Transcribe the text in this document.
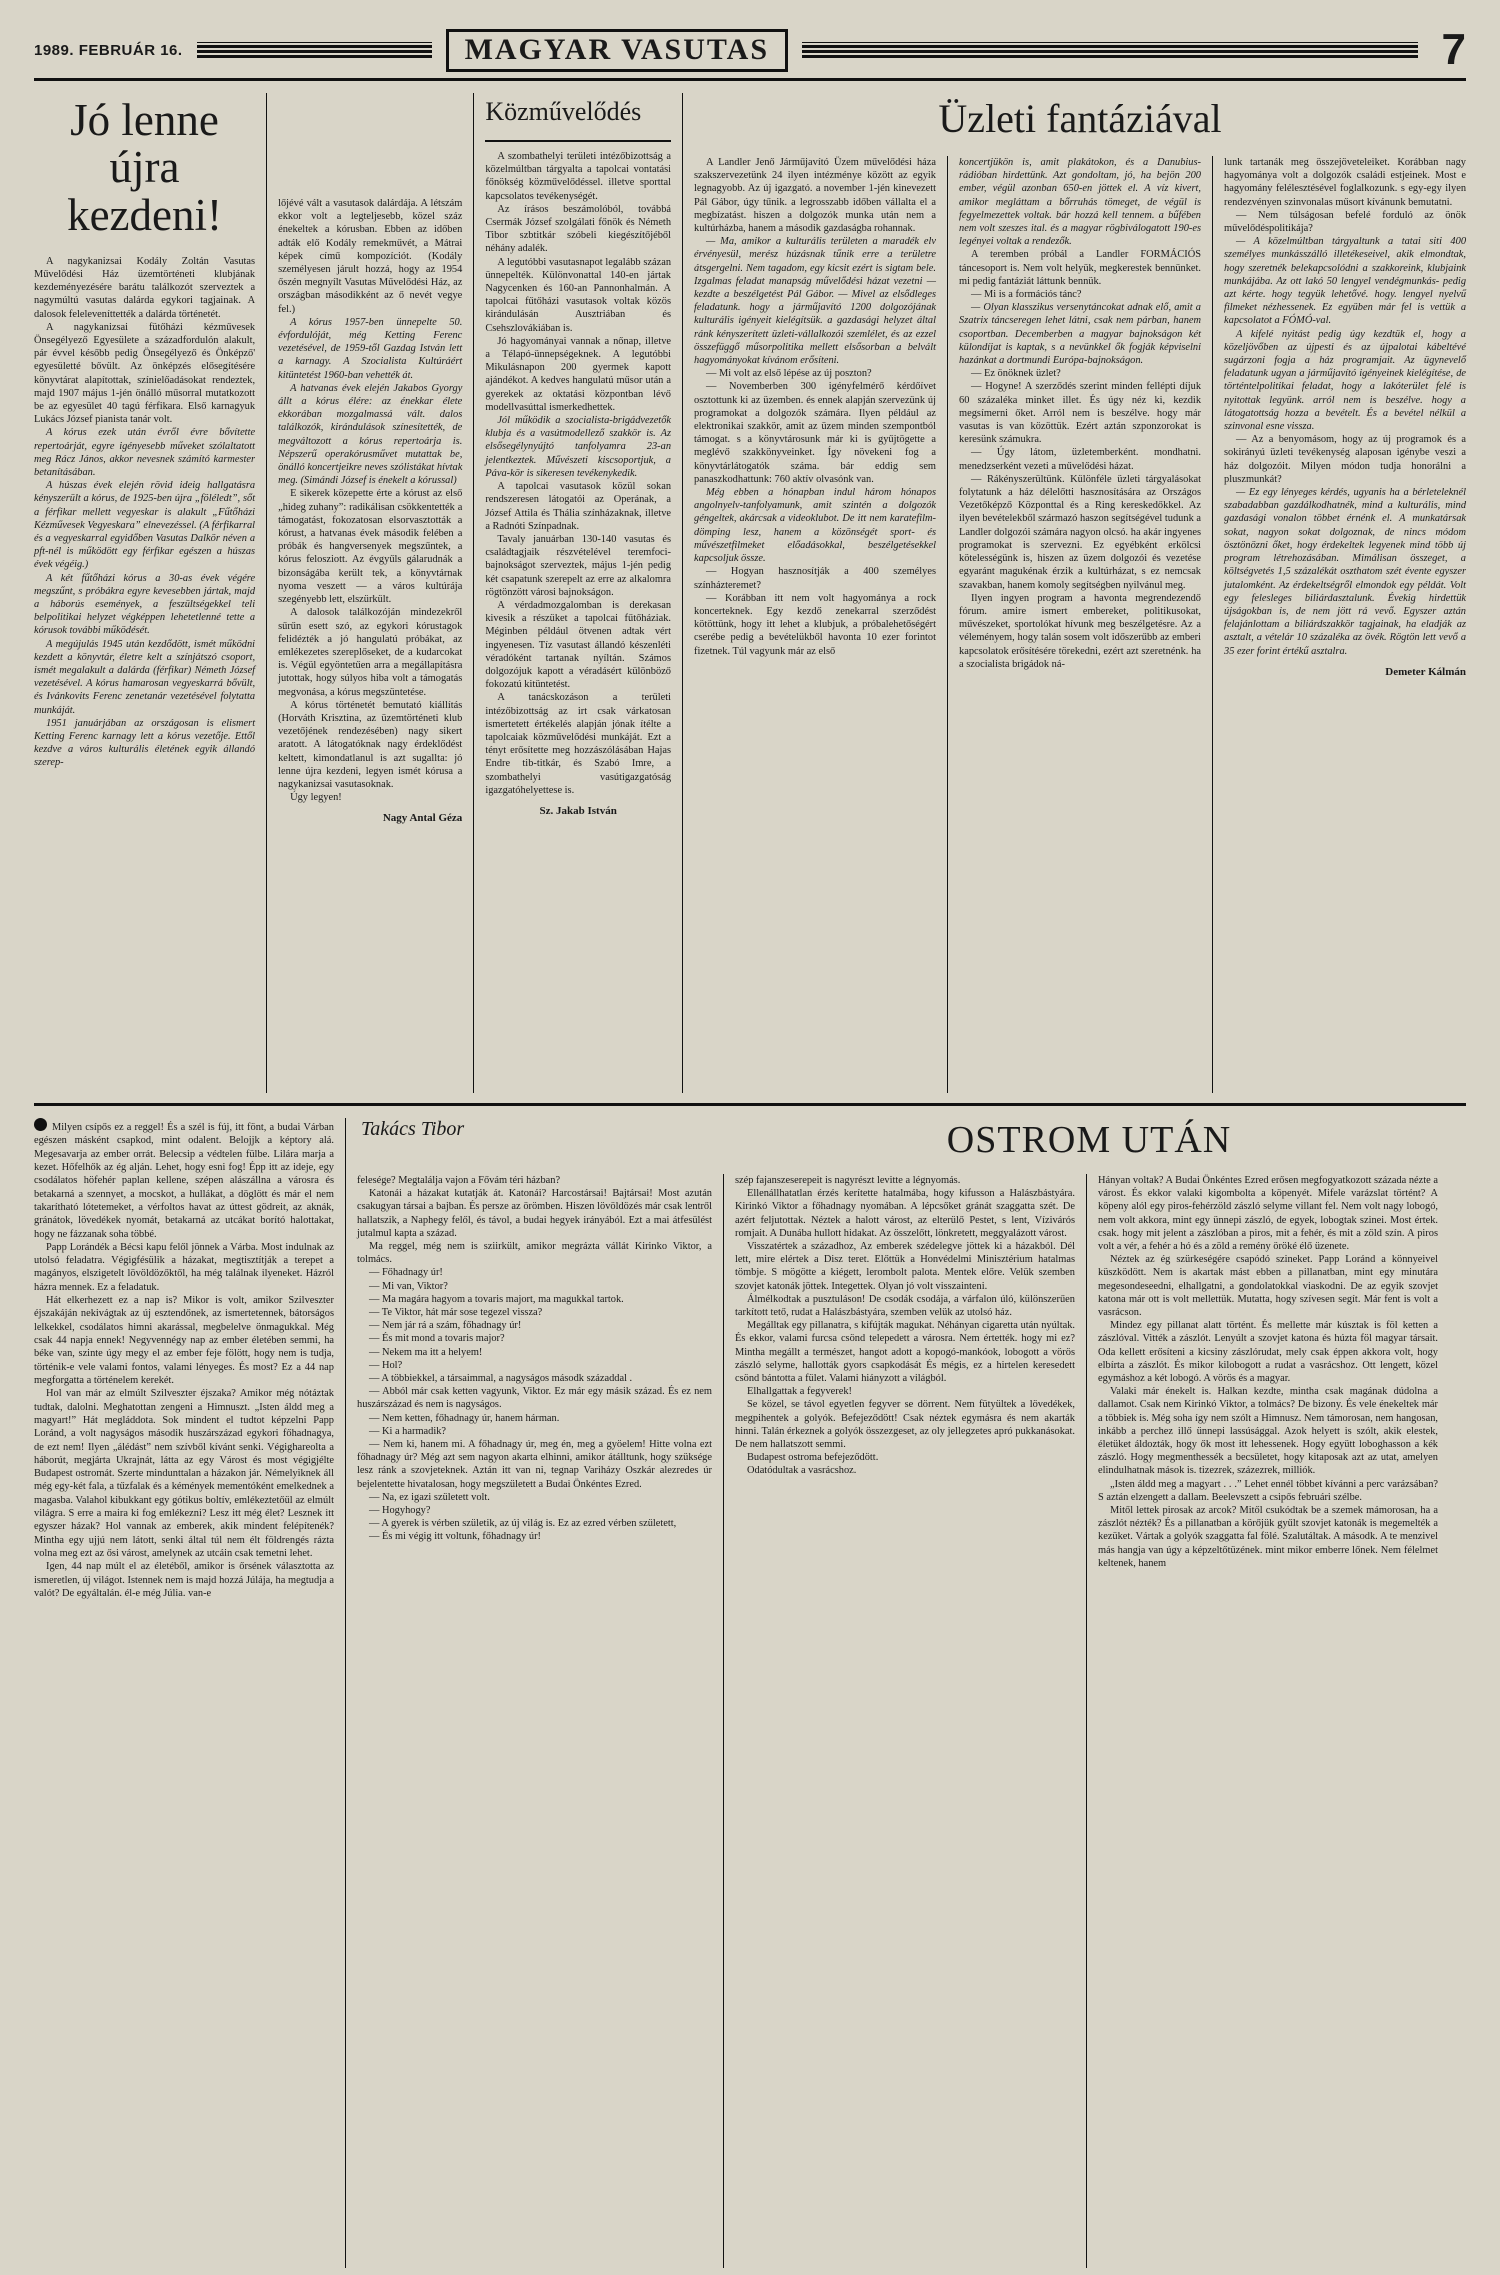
1989. FEBRUÁR 16.	MAGYAR VASUTAS	7
Jó lenne újra kezdeni!

A nagykanizsai Kodály Zoltán Vasutas Művelődési Ház üzemtörténeti klubjának kezdeményezésére barátu találkozót szerveztek a nagymúltú vasutas dalárda egykori tagjainak. A dalosok feleleveníttették a dalárda történetét.

A nagykanizsai fütőházi kézművesek Önsegélyező Egyesülete a századfordulón alakult, pár évvel később pedig Önsegélyező és Önképző' egyesületté bővült. Az önképzés elősegítésére könyvtárat alapítottak, színielőadásokat rendeztek, majd 1907 május 1-jén önálló műsorral mutatkozott be az egyesület 40 tagú férfikara. Első karnagyuk Lukács József pianista tanár volt.

A kórus ezek után évről évre bővítette repertoárját, egyre igényesebb műveket szólaltatott meg Rácz János, akkor nevesnek számító karmester betanításában.

A húszas évek elején rövid ideig hallgatásra kényszerült a kórus, de 1925-ben újra „föléledt”, sőt a férfikar mellett vegyeskar is alakult „Fűtőházi Kézművesek Vegyeskara” elnevezéssel. (A férfikarral és a vegyeskarral egyidőben Vasutas Dalkör néven a pft-nél is működött egy férfikar egészen a húszas évek végéig.)

A két fűtőházi kórus a 30-as évek végére megszűnt, s próbákra egyre kevesebben jártak, majd a háborús események, a feszültségekkel teli belpolitikai helyzet végképpen lehetetlenné tette a kórusok további működését.

A megújulás 1945 után kezdődött, ismét működni kezdett a könyvtár, életre kelt a színjátszó csoport, ismét megalakult a dalárda (férfikar) Németh József vezetésével. A kórus hamarosan vegyeskarrá bővült, és Ivánkovits Ferenc zenetanár vezetésével folytatta munkáját.

1951 januárjában az országosan is elismert Ketting Ferenc karnagy lett a kórus vezetője. Ettől kezdve a város kulturális életének egyik állandó szerep-

lőjévé vált a vasutasok dalárdája. A létszám ekkor volt a legteljesebb, közel száz énekeltek a kórusban. Ebben az időben adták elő Kodály remekművét, a Mátrai képek című kompozíciót. (Kodály személyesen járult hozzá, hogy az 1954 őszén megnyílt Vasutas Művelődési Ház, az országban másodikként az ő nevét vegye fel.)

A kórus 1957-ben ünnepelte 50. évfordulóját, még Ketting Ferenc vezetésével, de 1959-től Gazdag István lett a karnagy. A Szocialista Kultúráért kitüntetést 1960-ban vehették át.

A hatvanas évek elején Jakabos Gyorgy állt a kórus élére: az énekkar élete ekkorában mozgalmassá vált. dalos találkozók, kirándulások színesítették, de megváltozott a kórus repertoárja is. Népszerű operakórusművet mutattak be, önálló koncertjeikre neves szólistákat hívtak meg. (Simándi József is énekelt a kórussal)

E sikerek közepette érte a kórust az első „hideg zuhany”: radikálisan csökkentették a támogatást, fokozatosan elsorvasztották a kórust, a hatvanas évek második felében a próbák és hangversenyek megszűntek, a kórus felosziott. Az évgyűls gálarudnák a bizonságába került tek, a könyvtárnak nyoma veszett — a város kultúrája szegényebb lett, elszürkült.

A dalosok találkozóján mindezekről sűrűn esett szó, az egykori kórustagok felidézték a jó hangulatú próbákat, az emlékezetes szereplőseket, de a kudarcokat is. Végül egyöntetűen arra a megállapításra jutottak, hogy súlyos hiba volt a támogatás megvonása, a kórus megszüntetése.

A kórus történetét bemutató kiállítás (Horváth Krisztina, az üzemtörténeti klub vezetőjének rendezésében) nagy sikert aratott. A látogatóknak nagy érdeklődést keltett, kimondatlanul is azt sugallta: jó lenne újra kezdeni, legyen ismét kórusa a nagykanizsai vasutasoknak.

Úgy legyen!

Nagy Antal Géza
Közművelődés

A szombathelyi területi intézőbizottság a közelmúltban tárgyalta a tapolcai vontatási főnökség közművelődéssel. illetve sporttal kapcsolatos tevékenységét.

Az írásos beszámolóból, továbbá Csermák József szolgálati főnök és Németh Tibor szbtitkár szóbeli kiegészítőjéből néhány adalék.

A legutóbbi vasutasnapot legalább százan ünnepelték. Különvonattal 140-en jártak Nagycenken és 160-an Pannonhalmán. A tapolcai fűtőházi vasutasok voltak közös kirándulásán Ausztriában és Csehszlovákiában is.

Jó hagyományai vannak a nőnap, illetve a Télapó-ünnepségeknek. A legutóbbi Mikulásnapon 200 gyermek kapott ajándékot. A kedves hangulatú műsor után a gyerekek az oktatási központban lévő modellvasúttal ismerkedhettek.

Jól működik a szocialista-brigádvezetők klubja és a vasútmodellező szakkör is. Az elsősegélynyújtó tanfolyamra 23-an jelentkeztek. Művészeti kiscsoportjuk, a Páva-kör is sikeresen tevékenykedik.

A tapolcai vasutasok közül sokan rendszeresen látogatói az Operának, a József Attila és Thália színházaknak, illetve a Radnóti Színpadnak.

Tavaly januárban 130-140 vasutas és családtagjaik részvételével teremfoci-bajnokságot szerveztek, május 1-jén pedig két csapatunk szerepelt az erre az alkalomra rögtönzött városi bajnokságon.

A vérdadmozgalomban is derekasan kivesik a részüket a tapolcai fűtőháziak. Méginben például ötvenen adtak vért ingyenesen. Tíz vasutast állandó készenléti véradóként tartanak nyíltán. Számos dolgozójuk kapott a véradásért különböző fokozatú kitüntetést.

A tanácskozáson a területi intézőbizottság az irt csak várkatosan ismertetett értékelés alapján jónak ítélte a tapolcaiak közművelődési munkáját. Ezt a tényt erősítette meg hozzászólásában Hajas Endre tib-titkár, és Szabó Imre, a szombathelyi vasútigazgatóság igazgatóhelyettese is.

Sz. Jakab István
Üzleti fantáziával

A Landler Jenő Járműjavító Üzem művelődési háza szakszervezetünk 24 ilyen intézménye között az egyik legnagyobb. Az új igazgató. a november 1-jén kinevezett Pál Gábor, úgy tűnik. a legrosszabb időben vállalta el a megbízatást. hiszen a dolgozók munka után nem a kultúrházba, hanem a második gazdaságba rohannak.

— Ma, amikor a kulturális területen a maradék elv érvényesül, merész húzásnak tűnik erre a területre átsgergelni. Nem tagadom, egy kicsit ezért is sigtam bele. Izgalmas feladat manapság művelődési házat vezetni — kezdte a beszélgetést Pál Gábor. — Mivel az elsődleges feladatunk. hogy a járműjavító 1200 dolgozójának kulturális igényeit kielégítsük. a gazdasági helyzet által ránk kényszerített üzleti-vállalkozói szemlélet, és az ezzel összefüggő műsorpolitika mellett elsősorban a belvált hagyományokat kívánom erősíteni.

— Mi volt az első lépése az új poszton?

— Novemberben 300 igényfelmérő kérdőívet osztottunk ki az üzemben. és ennek alapján szervezünk új programokat a dolgozók számára. Ilyen például az elektronikai szakkör, amit az üzem minden szempontból támogat. s a könyvtárosunk már ki is gyűjtögette a meglévő szakkönyveinket. Így növekeni fog a könyvtárlátogatók száma. bár eddig sem panaszkodhattunk: 760 aktív olvasónk van.

Még ebben a hónapban indul három hónapos angolnyelv-tanfolyamunk, amit szintén a dolgozók géngeltek, akárcsak a videoklubot. De itt nem karatefilm-dömping lesz, hanem a közönségét sport- és művészetfilmeket előadásokkal, beszélgetésekkel kapcsoljuk össze.

— Hogyan hasznosítják a 400 személyes színházteremet?

— Korábban itt nem volt hagyománya a rock koncerteknek. Egy kezdő zenekarral szerződést kötöttünk, hogy itt lehet a klubjuk, a próbalehetőségért cserébe pedig a bevételükből havonta 10 ezer forintot fizetnek. Túl vagyunk már az első

koncertjükön is, amit plakátokon, és a Danubius-rádióban hirdettünk. Azt gondoltam, jó, ha bejön 200 ember, végül azonban 650-en jöttek el. A víz kivert, amikor megláttam a bőrruhás tömeget, de végül is fegyelmezettek voltak. bár hozzá kell tennem. a bűfében nem volt szeszes ital. és a magyar rögbiválogatott 190-es legényei voltak a rendezők.

A teremben próbál a Landler FORMÁCIÓS táncesoport is. Nem volt helyük, megkerestek bennünket. mi pedig fantáziát láttunk bennük.

— Mi is a formációs tánc?

— Olyan klasszikus versenytáncokat adnak elő, amit a Szatrix táncseregen lehet látni, csak nem párban, hanem csoportban. Decemberben a magyar bajnokságon két külondíjat is kaptak, s a nevünkkel ők fogják képviselni hazánkat a dortmundi Európa-bajnokságon.

— Ez önöknek üzlet?

— Hogyne! A szerződés szerint minden fellépti díjuk 60 százaléka minket illet. És úgy néz ki, kezdik megsímerni őket. Arról nem is beszélve. hogy már vasutas is van közöttük. Ezért aztán szponzorokat is keresünk számukra.

— Úgy látom, üzletemberként. mondhatni. menedzserként vezeti a művelődési házat.

— Rákényszerültünk. Különféle üzleti tárgyalásokat folytatunk a ház délelőtti hasznosítására az Országos Vezetőképző Központtal és a Ring kereskedőkkel. Az ilyen bevételekből származó haszon segítségével tudunk a Landler dolgozói számára nagyon olcsó. ha akár ingyenes programokat is szervezni. Ez egyébként erkölcsi kötelességünk is, hiszen az üzem dolgozói és vezetése egyaránt magukénak érzik a kultúrházat, s ez nemcsak szavakban, hanem komoly segítségben nyilvánul meg.

Ilyen ingyen program a havonta megrendezendő fórum. amire ismert embereket, politikusokat, művészeket, sportolókat hívunk meg beszélgetésre. Az a véleményem, hogy talán sosem volt időszerűbb az emberi kapcsolatok erősítésére törekedni, ezért azt szeretnénk. ha a szocialista brigádok ná-

lunk tartanák meg összejöveteleiket. Korábban nagy hagyománya volt a dolgozók családi estjeinek. Most e hagyomány felélesztésével foglalkozunk. s egy-egy ilyen rendezvényen szinvonalas műsort kívánunk bemutatni.

— Nem túlságosan befelé forduló az önök művelődéspolitikája?

— A közelmúltban tárgyaltunk a tatai siti 400 személyes munkásszálló illetékeseivel, akik elmondtak, hogy szeretnék belekapcsolódni a szakkoreink, klubjaink munkájába. Az ott lakó 50 lengyel vendégmunkás- pedig azt kérte. hogy tegyük lehetővé. hogy. lengyel nyelvű filmeket nézhessenek. Ez együben már fel is vettük a kapcsolatot a FÓMÓ-val.

A kifelé nyitást pedig úgy kezdtük el, hogy a közeljövőben az újpesti és az újpalotai kábeltévé sugárzoni fogja a ház programjait. Az ügynevelő feladatunk ugyan a járműjavító igényeinek kielégítése, de történtelpolitikai feladat, hogy a lakóterület felé is nyitottak legyünk. arról nem is beszélve. hogy a látogatottság hozza a bevételt. És a bevétel nélkül a szinvonal esne vissza.

— Az a benyomásom, hogy az új programok és a sokirányú üzleti tevékenység alaposan igénybe veszi a ház dolgozóit. Milyen módon tudja honorálni a pluszmunkát?

— Ez egy lényeges kérdés, ugyanis ha a bérleteleknél szabadabban gazdálkodhatnék, mind a kulturális, mind gazdasági vonalon többet érnénk el. A munkatársak sokat, nagyon sokat dolgoznak, de nincs módom ösztönözni őket, hogy érdekeltek legyenek mind több új program létrehozásában. Mimálisan összeget, a költségvetés 1,5 százalékát oszthatom szét évente egyszer jutalomként. Az érdekeltségről elmondok egy példát. Volt egy felesleges biliárdasztalunk. Évekig hirdettük újságokban is, de nem jött rá vevő. Egyszer aztán felajánlottam a biliárdszakkör tagjainak, ha eladják az asztalt, a vételár 10 százaléka az övék. Rögtön lett vevő a 35 ezer forint értékű asztalra.

Demeter Kálmán

Milyen csípős ez a reggel! És a szél is fúj, itt fönt, a budai Várban egészen másként csapkod, mint odalent. Belojjk a képtory alá. Megesavarja az ember orrát. Belecsip a védtelen fülbe. Lilára marja a kezet. Hőfelhők az ég alján. Lehet, hogy esni fog! Épp itt az ideje, egy csodálatos höfehér paplan kellene, szépen alászállna a városra és betakarná a szennyet, a mocskot, a hullákat, a döglött és már el nem takarítható lótetemeket, a vérfoltos havat az úttest gödreit, az aknák, gránátok, lövedékek nyomát, betakarná az utcákat borító halottakat, hogy ne fázzanak soha többé.

Papp Lorándék a Bécsi kapu felől jönnek a Várba. Most indulnak az utolsó feladatra. Végigfésülik a házakat, megtisztítják a terepet a magányos, elszigetelt lövöldözőktől, ha még találnak ilyeneket. Házról házra mennek. Ez a feladatuk.

Hát elkerhezett ez a nap is? Mikor is volt, amikor Szilveszter éjszakáján nekivágtak az új esztendőnek, az ismertetennek, bátorságos lelkekkel, csodálatos himni akarással, megbelelve önmagukkal. Még csak 44 napja ennek! Negyvennégy nap az ember életében semmi, ha béke van, szinte úgy megy el az ember feje fölött, hogy nem is tudja, történik-e vele valami fontos, valami lényeges. És most? Ez a 44 nap megforgatta a történelem kerekét.

Hol van már az elmúlt Szilveszter éjszaka? Amikor még nótáztak tudtak, dalolni. Meghatottan zengeni a Himnuszt. „Isten áldd meg a magyart!” Hát megláddota. Sok mindent el tudtot képzelni Papp Loránd, a volt nagyságos második huszárszázad egykori főhadnagya, de ezt nem! Ilyen „álédást” nem szívből kívánt senki. Végighareolta a háborút, megjárta Ukrajnát, látta az egy Várost és most végigjélte Budapest ostromát. Szerte mindunttalan a házakon jár. Némelyiknek áll még egy-két fala, a tűzfalak és a kémények mementóként emelkednek a magasba. Valahol kibukkant egy gótikus boltív, emlékeztetőül az elmúlt világra. S erre a maira ki fog emlékezni? Lesz itt még élet? Lesznek itt egyszer házak? Hol vannak az emberek, akik mindent felépítenék? Mintha egy ujjú nem látott, senki által túl nem élt földrengés rázta volna meg ezt az ősi várost, amelynek az utcáin csak temetni lehet.

Igen, 44 nap múlt el az életéből, amikor is őrsének választotta az ismeretlen, új világot. Istennek nem is majd hozzá Júlája, ha megtudja a valót? De egyáltalán. él-e még Júlia. van-e

Takács Tibor	OSTROM UTÁN

felesége? Megtalálja vajon a Fővám téri házban?

Katonái a házakat kutatják át. Katonái? Harcostársai! Bajtársai! Most azután csakugyan társai a bajban. És persze az örömben. Hiszen lövöldözés már csak lentről hallatszik, a Naphegy felől, és távol, a budai hegyek irányából. Ezt a mai átfesülést jutalmul kapta a század.

Ma reggel, még nem is sziirkült, amikor megrázta vállát Kirinko Viktor, a tolmács.

— Főhadnagy úr!

— Mi van, Viktor?

— Ma magára hagyom a tovaris majort, ma magukkal tartok.

— Te Viktor, hát már sose tegezel vissza?

— Nem jár rá a szám, főhadnagy úr!

— És mit mond a tovaris major?

— Nekem ma itt a helyem!

— Hol?

— A többiekkel, a társaimmal, a nagyságos másodk századdal .

— Abból már csak ketten vagyunk, Viktor. Ez már egy másik század. És ez nem huszárszázad és nem is nagyságos.

— Nem ketten, főhadnagy úr, hanem hárman.

— Ki a harmadik?

— Nem ki, hanem mi. A főhadnagy úr, meg én, meg a gyöelem! Hitte volna ezt főhadnagy úr? Még azt sem nagyon akarta elhinni, amikor átálltunk, hogy szüksége lesz ránk a szovjeteknek. Aztán itt van ni, tegnap Variházy Oszkár alezredes úr bejelentette hivatalosan, hogy megszületett a Budai Önkéntes Ezred.

— Na, ez igazi született volt.

— Hogyhogy?

— A gyerek is vérben születik, az új világ is. Ez az ezred vérben született,

— És mi végig itt voltunk, főhadnagy úr!

szép fajanszeserepeit is nagyrészt levitte a légnyomás.

Ellenállhatatlan érzés kerítette hatalmába, hogy kifusson a Halászbástyára. Kirinkó Viktor a főhadnagy nyomában. A lépcsőket gránát szaggatta szét. De azért feljutottak. Néztek a halott várost, az elterülő Pestet, s lent, Vízivárós romjait. A Dunába hullott hidakat. Az összelőtt, lönkretett, meggyalázott várost.

Visszatértek a századhoz, Az emberek szédelegve jöttek ki a házakból. Dél lett, mire elértek a Disz teret. Előttük a Honvédelmi Minisztérium hatalmas tömbje. S mögötte a kiégett, lerombolt palota. Mentek előre. Velük szemben szovjet katonák jöttek. Integettek. Olyan jó volt visszainteni.

Álmélkodtak a pusztuláson! De csodák csodája, a várfalon úló, különszerűen tarkított tető, rudat a Halászbástyára, szemben velük az utolsó ház.

Megálltak egy pillanatra, s kifújták magukat. Néhányan cigaretta után nyúltak. És ekkor, valami furcsa csönd telepedett a városra. Nem értették. hogy mi ez? Mintha megállt a természet, hangot adott a kopogó-mankóok, lobogott a vörös zászló selyme, hallották gyors csapkodását És mégis, ez a hirtelen keresedett csönd bántotta a fület. Valami hiányzott a világból.

Elhallgattak a fegyverek!

Se közel, se távol egyetlen fegyver se dörrent. Nem fütyültek a lövedékek, megpihentek a golyók. Befejeződött! Csak néztek egymásra és nem akarták hinni. Talán érkeznek a golyók összezgeset, az oly jellegzetes apró pukkanásokat. De nem hallatszott semmi.

Budapest ostroma befejeződött.

Odatódultak a vasrácshoz.

Hányan voltak? A Budai Önkéntes Ezred erősen megfogyatkozott százada nézte a várost. És ekkor valaki kigombolta a köpenyét. Mifele varázslat történt? A köpeny alól egy piros-fehérzöld zászló selyme villant fel. Nem volt nagy lobogó, nem volt akkora, mint egy ünnepi zászló, de egyek, lobogtak szinei. Most értek. csak. hogy mit jelent a zászlóban a piros, mit a fehér, és mit a zöld szín. A piros volt a vér, a fehér a hó és a zöld a remény öröké élő üzenete.

Néztek az ég szürkeségére csapódó szineket. Papp Loránd a könnyeivel küszködött. Nem is akartak mást ebben a pillanatban, mint egy minutára megesondeseedni, elhallgatni, a gondolatokkal viaskodni. De az egyik szovjet katona már ott is volt mellettük. Mutatta, hogy szívesen segít. Már fent is volt a vasrácson.

Mindez egy pillanat alatt történt. És mellette már kúsztak is föl ketten a zászlóval. Vitték a zászlót. Lenyúlt a szovjet katona és húzta föl magyar társait. Oda kellett erősíteni a kicsiny zászlórudat, mely csak éppen akkora volt, hogy elbírta a zászlót. És mikor kilobogott a rudat a vasrácshoz. Ott lengett, közel egymáshoz a két lobogó. A vörös és a magyar.

Valaki már énekelt is. Halkan kezdte, mintha csak magának dúdolna a dallamot. Csak nem Kirinkó Viktor, a tolmács? De bizony. És vele énekeltek már a többiek is. Még soha így nem szólt a Himnusz. Nem támorosan, nem hangosan, inkább a perchez illő ünnepi lassúsággal. Azok helyett is szólt, akik elestek, életüket áldozták, hogy ők most itt lehessenek. Hogy együtt loboghasson a kék zászló. Hogy megmenthessék a becsületet, hogy kitaposak azt az utat, amelyen elindulhatnak mások is. tizezrek, százezrek, milliók.

„Isten áldd meg a magyart . . .” Lehet ennél többet kívánni a perc varázsában? S aztán elzengett a dallam. Beelevszett a csipős februári szélbe.

Mitől lettek pirosak az arcok? Mitől csukódtak be a szemek mámorosan, ha a zászlót nézték? És a pillanatban a körőjük gyűlt szovjet katonák is megemelték a kezüket. Vártak a golyók szaggatta fal fölé. Szalutáltak. A másodk. A te menzivel más hangja van úgy a képzeltőtüzének. mint mikor emberre lőnek. Nem félelmet keltenek, hanem
